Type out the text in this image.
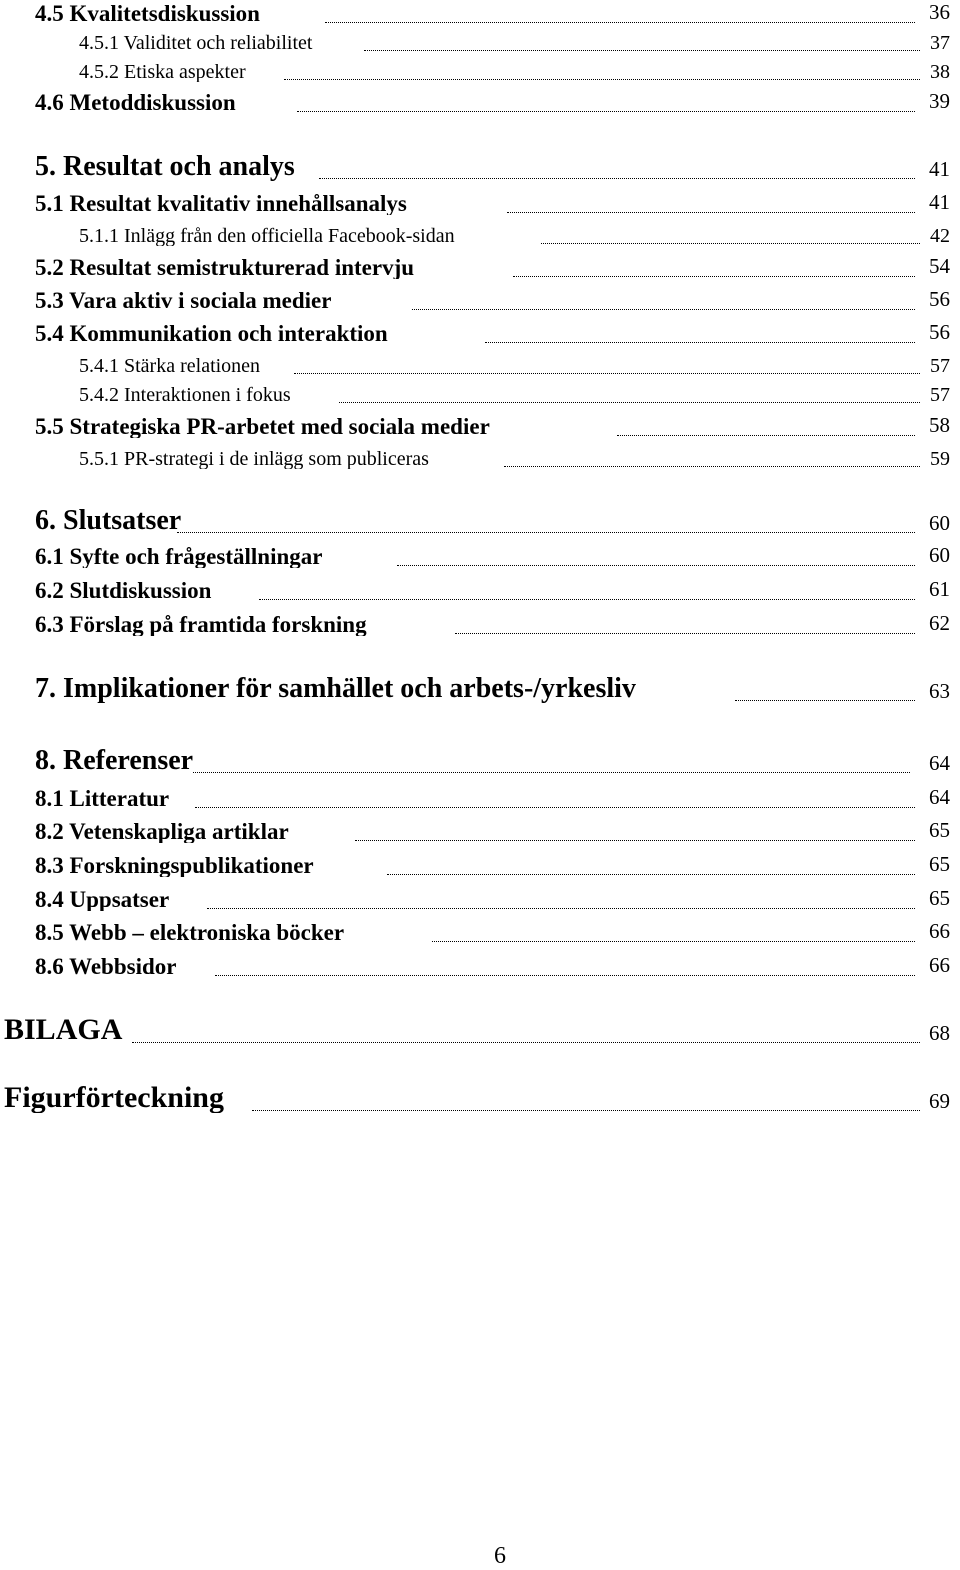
4.5 Kvalitetsdiskussion	36
4.5.1 Validitet och reliabilitet	37
4.5.2 Etiska aspekter	38
4.6 Metoddiskussion	39
5. Resultat och analys	41
5.1 Resultat kvalitativ innehållsanalys	41
5.1.1 Inlägg från den officiella Facebook-sidan	42
5.2 Resultat semistrukturerad intervju	54
5.3 Vara aktiv i sociala medier	56
5.4 Kommunikation och interaktion	56
5.4.1 Stärka relationen	57
5.4.2 Interaktionen i fokus	57
5.5 Strategiska PR-arbetet med sociala medier	58
5.5.1 PR-strategi i de inlägg som publiceras	59
6. Slutsatser	60
6.1 Syfte och frågeställningar	60
6.2 Slutdiskussion	61
6.3 Förslag på framtida forskning	62
7. Implikationer för samhället och arbets-/yrkesliv	63
8. Referenser	64
8.1 Litteratur	64
8.2 Vetenskapliga artiklar	65
8.3 Forskningspublikationer	65
8.4 Uppsatser	65
8.5 Webb – elektroniska böcker	66
8.6 Webbsidor	66
BILAGA	68
Figurförteckning	69
6
